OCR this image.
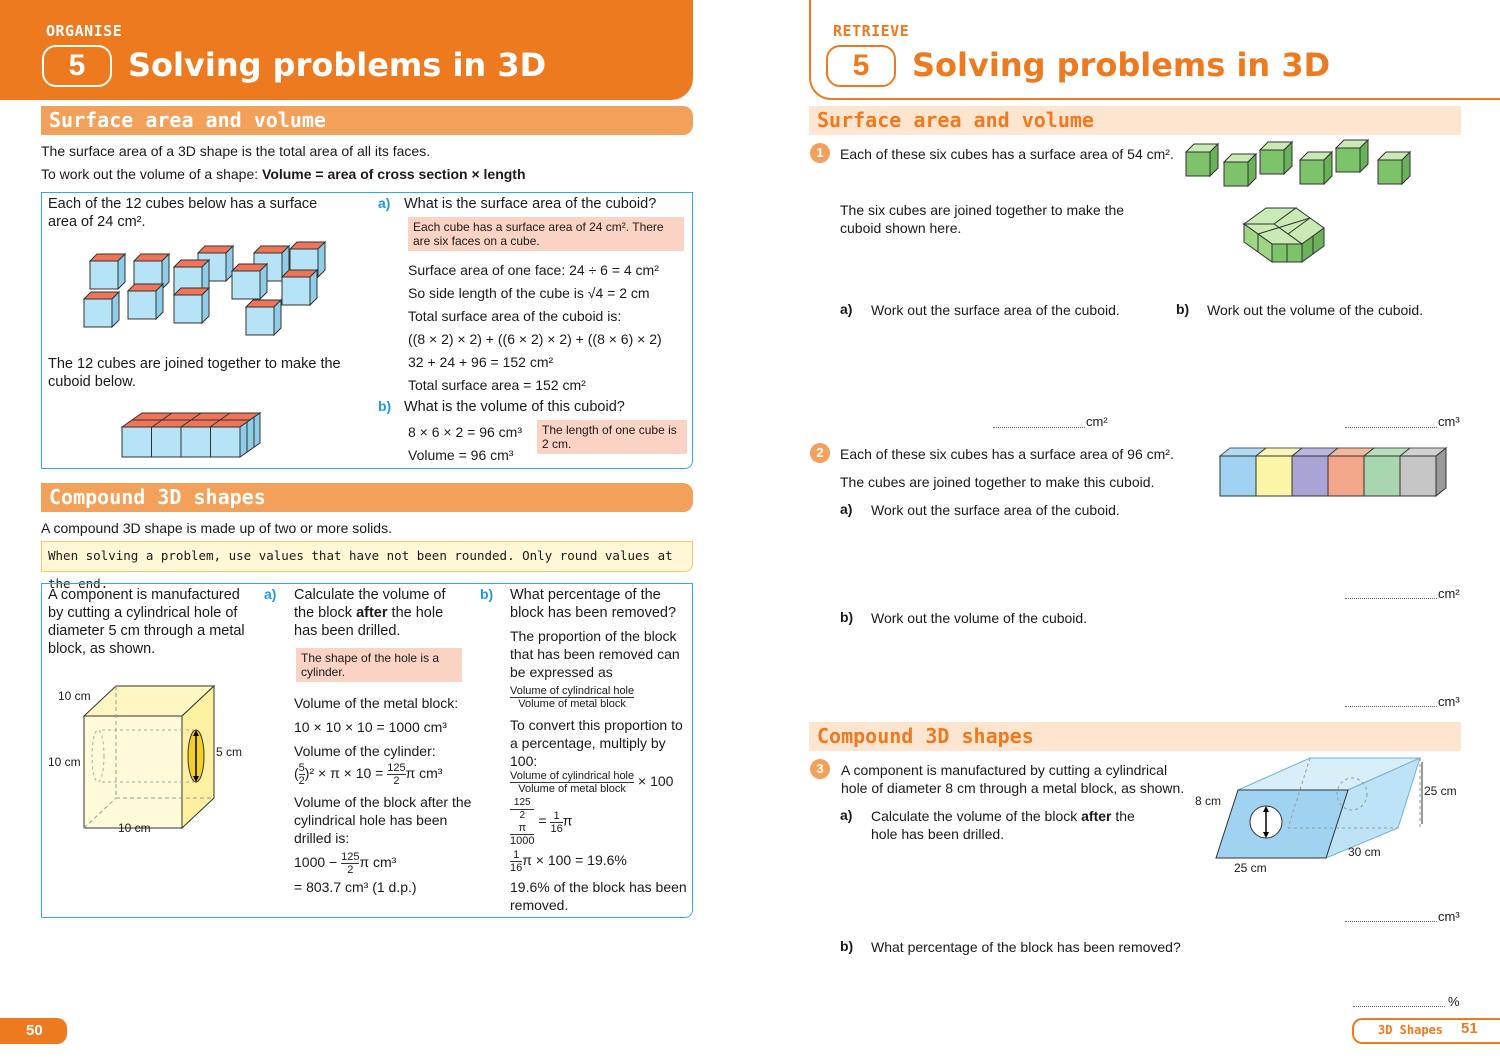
ORGANISE
5	Solving problems in 3D
Surface area and volume
The surface area of a 3D shape is the total area of all its faces.
To work out the volume of a shape: Volume = area of cross section × length
Each of the 12 cubes below has a surface area of 24 cm².
The 12 cubes are joined together to make the cuboid below.
a) What is the surface area of the cuboid?
Each cube has a surface area of 24 cm². There are six faces on a cube.
Surface area of one face: 24 ÷ 6 = 4 cm²
So side length of the cube is √4 = 2 cm
Total surface area of the cuboid is:
((8 × 2) × 2) + ((6 × 2) × 2) + ((8 × 6) × 2)
32 + 24 + 96 = 152 cm²
Total surface area = 152 cm²
b) What is the volume of this cuboid?
8 × 6 × 2 = 96 cm³
Volume = 96 cm³
The length of one cube is 2 cm.
Compound 3D shapes
A compound 3D shape is made up of two or more solids.
When solving a problem, use values that have not been rounded. Only round values at the end.
A component is manufactured by cutting a cylindrical hole of diameter 5 cm through a metal block, as shown.
10 cm
10 cm
10 cm
5 cm
a) Calculate the volume of the block after the hole has been drilled.
The shape of the hole is a cylinder.
Volume of the metal block:
10 × 10 × 10 = 1000 cm³
Volume of the cylinder:
( $\frac{5}{2} )^2 \times \pi \times 10 = \frac{125}{2}$ π cm³
Volume of the block after the cylindrical hole has been drilled is:
$1000 - \frac{125}{2}$ π cm³
= 803.7 cm³ (1 d.p.)
b) What percentage of the block has been removed?
The proportion of the block that has been removed can be expressed as
$\frac{\text{Volume of cylindrical hole}}{\text{Volume of metal block}}$
To convert this proportion to a percentage, multiply by 100:
$\frac{\text{Volume of cylindrical hole}}{\text{Volume of metal block}} \times 100$
125
2
π
$1000 = \frac{1}{16}$ π
$\frac{1}{16}$ π × 100 = 19.6%
19.6% of the block has been removed.
50
RETRIEVE
5	Solving problems in 3D
Surface area and volume
1	Each of these six cubes has a surface area of 54 cm².
The six cubes are joined together to make the cuboid shown here.
a) Work out the surface area of the cuboid.	b) Work out the volume of the cuboid.
cm²	cm³
2	Each of these six cubes has a surface area of 96 cm².
The cubes are joined together to make this cuboid.
a) Work out the surface area of the cuboid.
cm²
b) Work out the volume of the cuboid.
cm³
Compound 3D shapes
3	A component is manufactured by cutting a cylindrical hole of diameter 8 cm through a metal block, as shown.
a) Calculate the volume of the block after the hole has been drilled.
8 cm
25 cm
30 cm
25 cm
cm³
b) What percentage of the block has been removed?
%
3D Shapes 51
